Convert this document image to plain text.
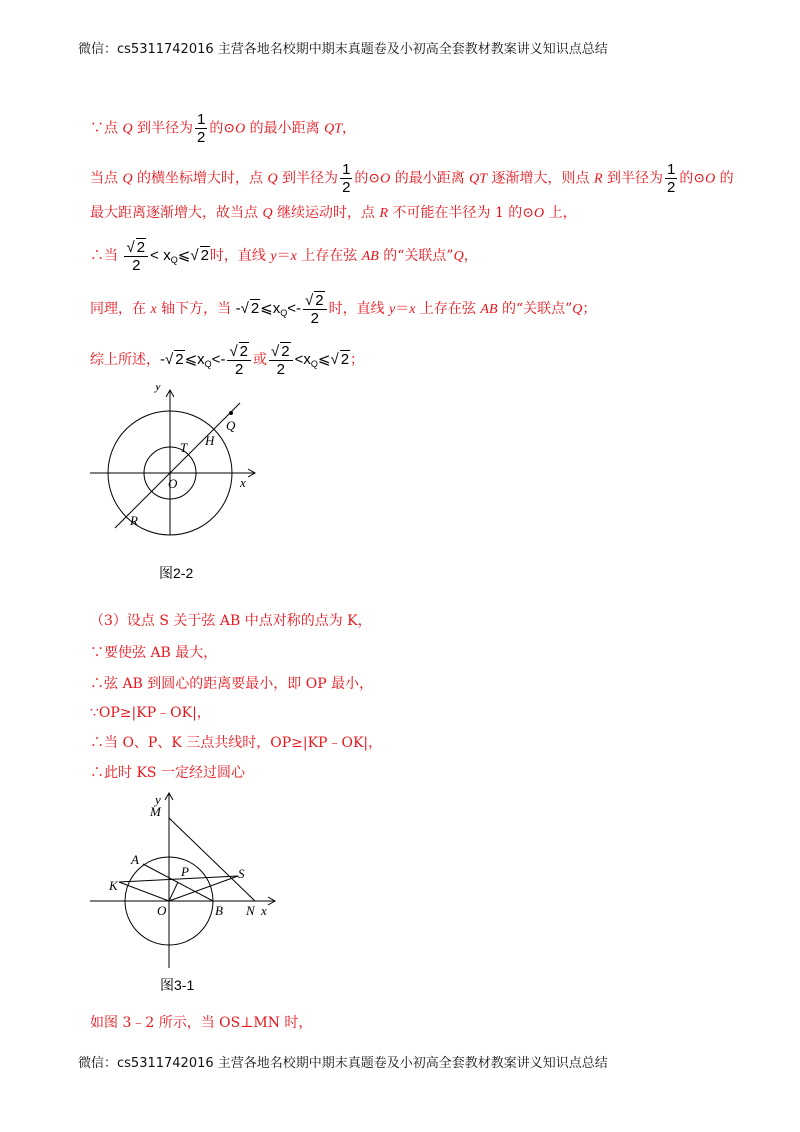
微信：cs5311742016 主营各地名校期中期末真题卷及小初高全套教材教案讲义知识点总结
∵点 Q 到半径为 $\frac{1}{2}$ 的⊙O 的最小距离 QT，
当点 Q 的横坐标增大时，点 Q 到半径为 $\frac{1}{2}$ 的⊙O 的最小距离 QT 逐渐增大，则点 R 到半径为 $\frac{1}{2}$ 的⊙O 的
最大距离逐渐增大，故当点 Q 继续运动时，点 R 不可能在半径为 1 的⊙O 上，
∴当 $\frac{√ 2}{2}$ < $x_Q⩽√$ 2时，直线 y＝x 上存在弦 AB 的“关联点”Q，
同理，在 x 轴下方，当 -√ $2⩽x_Q<- \frac{√ 2}{2}$ 时，直线 y＝x 上存在弦 AB 的“关联点”Q；
综上所述，-√ $2⩽x_Q<- \frac{√ 2}{2}$ 或 $\frac{√ 2}{2}$ $<x_Q⩽√$ 2；
y
x
O
T H
Q
R
图2-2
（3）设点 S 关于弦 AB 中点对称的点为 K，
∵要使弦 AB 最大，
∴弦 AB 到圆心的距离要最小，即 OP 最小，
∵OP≥|KP﹣OK|，
∴当 O、P、K 三点共线时，OP≥|KP﹣OK|，
∴此时 KS 一定经过圆心
y
M
A
P	S
K
O	B N x
图3-1
如图 3﹣2 所示，当 OS⊥MN 时，
微信：cs5311742016 主营各地名校期中期末真题卷及小初高全套教材教案讲义知识点总结
